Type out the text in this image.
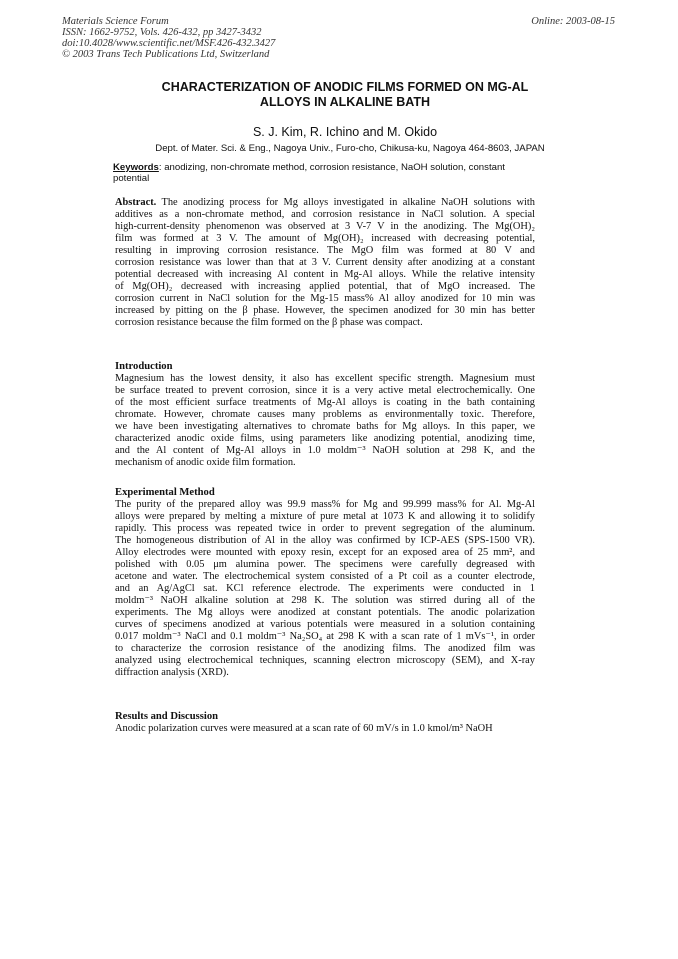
Materials Science Forum
ISSN: 1662-9752, Vols. 426-432, pp 3427-3432
doi:10.4028/www.scientific.net/MSF.426-432.3427
© 2003 Trans Tech Publications Ltd, Switzerland
Online: 2003-08-15
CHARACTERIZATION OF ANODIC FILMS FORMED ON MG-AL
ALLOYS IN ALKALINE BATH
S. J. Kim, R. Ichino and M. Okido
Dept. of Mater. Sci. & Eng., Nagoya Univ., Furo-cho, Chikusa-ku, Nagoya 464-8603, JAPAN
Keywords: anodizing, non-chromate method, corrosion resistance, NaOH solution, constant potential
Abstract. The anodizing process for Mg alloys investigated in alkaline NaOH solutions with
additives as a non-chromate method, and corrosion resistance in NaCl solution. A special
high-current-density phenomenon was observed at 3 V-7 V in the anodizing. The Mg(OH)₂
film was formed at 3 V. The amount of Mg(OH)₂ increased with decreasing potential,
resulting in improving corrosion resistance. The MgO film was formed at 80 V and
corrosion resistance was lower than that at 3 V. Current density after anodizing at a constant
potential decreased with increasing Al content in Mg-Al alloys. While the relative intensity
of Mg(OH)₂ decreased with increasing applied potential, that of MgO increased. The
corrosion current in NaCl solution for the Mg-15 mass% Al alloy anodized for 10 min was
increased by pitting on the β phase. However, the specimen anodized for 30 min has better
corrosion resistance because the film formed on the β phase was compact.
Introduction
Magnesium has the lowest density, it also has excellent specific strength. Magnesium must
be surface treated to prevent corrosion, since it is a very active metal electrochemically. One
of the most efficient surface treatments of Mg-Al alloys is coating in the bath containing
chromate. However, chromate causes many problems as environmentally toxic. Therefore,
we have been investigating alternatives to chromate baths for Mg alloys. In this paper, we
characterized anodic oxide films, using parameters like anodizing potential, anodizing time,
and the Al content of Mg-Al alloys in 1.0 moldm⁻³ NaOH solution at 298 K, and the
mechanism of anodic oxide film formation.
Experimental Method
The purity of the prepared alloy was 99.9 mass% for Mg and 99.999 mass% for Al. Mg-Al
alloys were prepared by melting a mixture of pure metal at 1073 K and allowing it to solidify
rapidly. This process was repeated twice in order to prevent segregation of the aluminum.
The homogeneous distribution of Al in the alloy was confirmed by ICP-AES (SPS-1500 VR).
Alloy electrodes were mounted with epoxy resin, except for an exposed area of 25 mm², and
polished with 0.05 μm alumina power. The specimens were carefully degreased with
acetone and water. The electrochemical system consisted of a Pt coil as a counter electrode,
and an Ag/AgCl sat. KCl reference electrode. The experiments were conducted in 1
moldm⁻³ NaOH alkaline solution at 298 K. The solution was stirred during all of the
experiments. The Mg alloys were anodized at constant potentials. The anodic polarization
curves of specimens anodized at various potentials were measured in a solution containing
0.017 moldm⁻³ NaCl and 0.1 moldm⁻³ Na₂SO₄ at 298 K with a scan rate of 1 mVs⁻¹, in order
to characterize the corrosion resistance of the anodizing films. The anodized film was
analyzed using electrochemical techniques, scanning electron microscopy (SEM), and X-ray
diffraction analysis (XRD).
Results and Discussion
Anodic polarization curves were measured at a scan rate of 60 mV/s in 1.0 kmol/m³ NaOH
